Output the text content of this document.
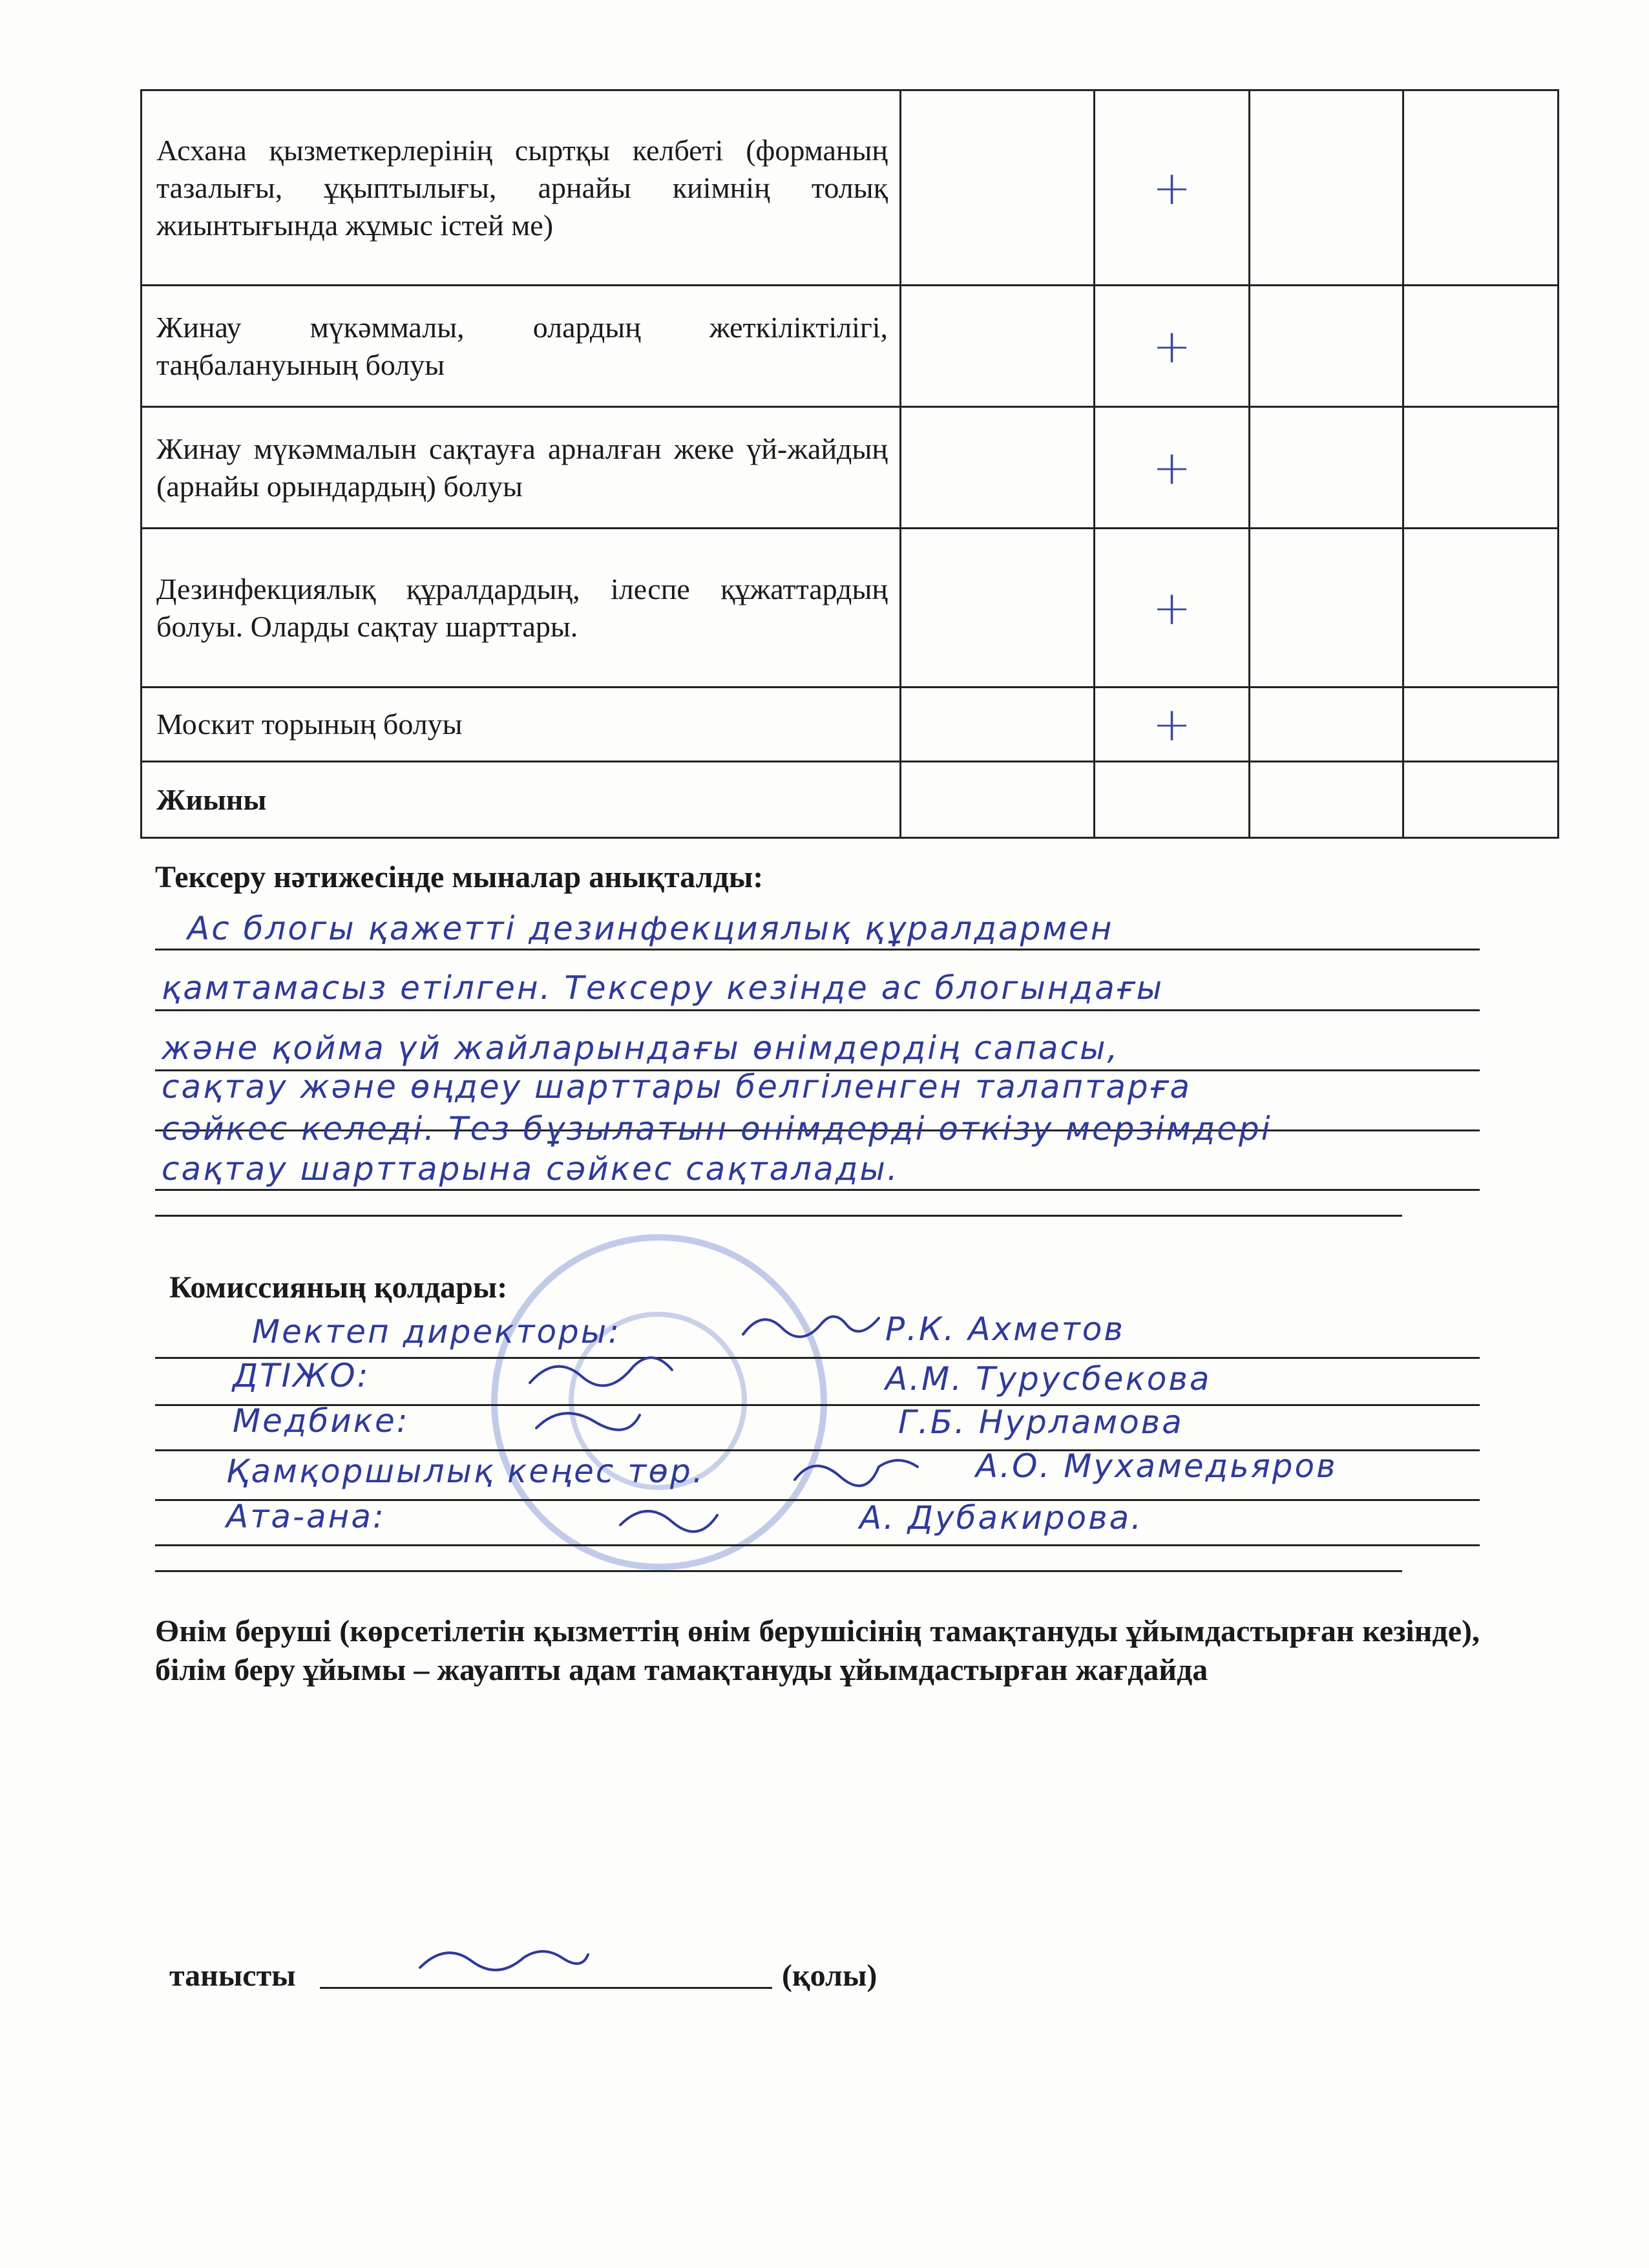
Асхана қызметкерлерінің сыртқы келбеті (форманың тазалығы, ұқыптылығы, арнайы киімнің толық жиынтығында жұмыс істей ме)		+		
Жинау мүкәммалы, олардың жеткіліктілігі, таңбалануының болуы		+		
Жинау мүкәммалын сақтауға арналған жеке үй-жайдың (арнайы орындардың) болуы		+		
Дезинфекциялық құралдардың, ілеспе құжаттардың болуы. Оларды сақтау шарттары.		+		
Москит торының болуы		+		
Жиыны				
Тексеру нәтижесінде мыналар анықталды:
Ас блогы қажетті дезинфекциялық құралдармен
қамтамасыз етілген. Тексеру кезінде ас блогындағы
және қойма үй жайларындағы өнімдердің сапасы,
сақтау және өңдеу шарттары белгіленген талаптарға
сәйкес келеді. Тез бұзылатын өнімдерді өткізу мерзімдері
сақтау шарттарына сәйкес сақталады.
Комиссияның қолдары:
Мектеп директоры:	Р.К. Ахметов
ДТІЖО:	А.М. Турусбекова
Медбике:	Г.Б. Нурламова
Қамқоршылық кеңес төр.	А.О. Мухамедьяров
Ата-ана:	А. Дубакирова.
Өнім беруші (көрсетілетін қызметтің өнім берушісінің тамақтануды ұйымдастырған кезінде), білім беру ұйымы – жауапты адам тамақтануды ұйымдастырған жағдайда
танысты	(қолы)
